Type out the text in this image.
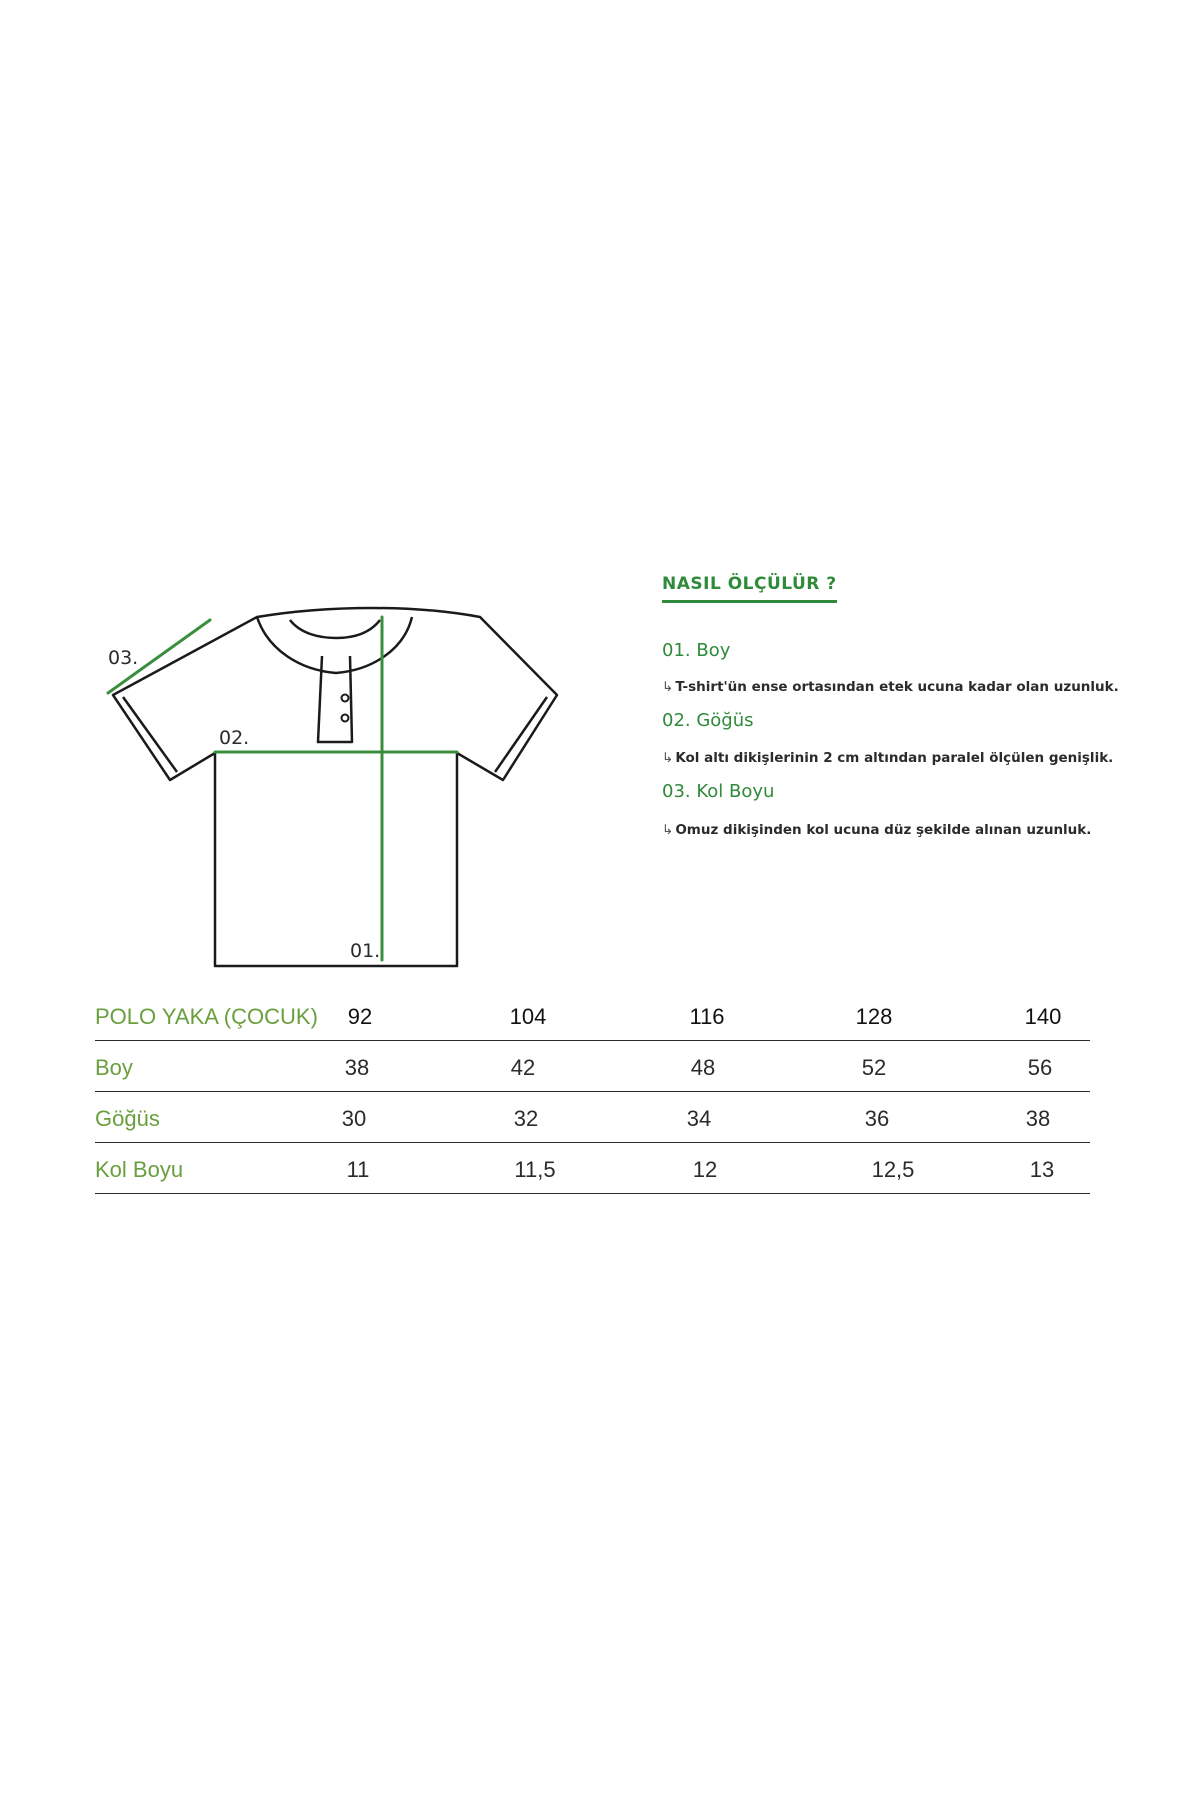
03.
02.
01.
NASIL ÖLÇÜLÜR ?
01. Boy
↳ T-shirt'ün ense ortasından etek ucuna kadar olan uzunluk.
02. Göğüs
↳ Kol altı dikişlerinin 2 cm altından paralel ölçülen genişlik.
03. Kol Boyu
↳ Omuz dikişinden kol ucuna düz şekilde alınan uzunluk.
POLO YAKA (ÇOCUK) 92	104	116	128	140
Boy	38	42	48	52	56
Göğüs	30	32	34	36	38
Kol Boyu	11	11,5	12	12,5	13
